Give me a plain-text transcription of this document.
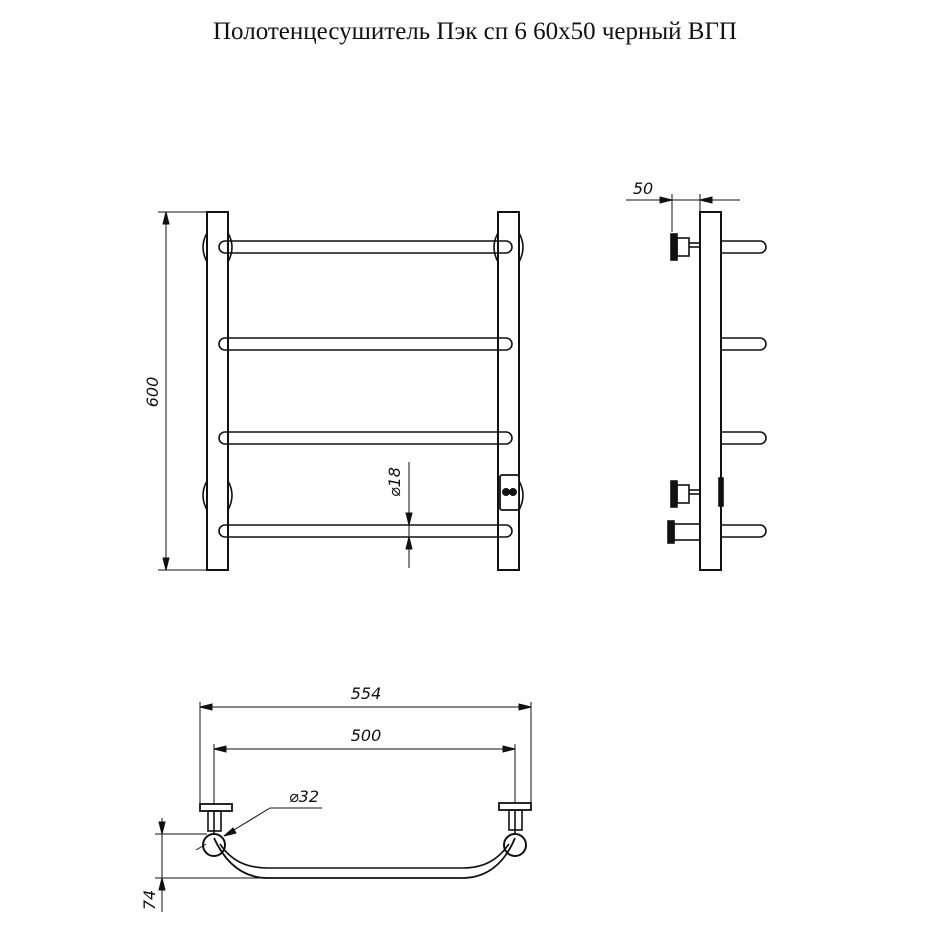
Полотенцесушитель Пэк сп 6 60х50 черный ВГП
600
⌀18
50
554
500
⌀32
74
